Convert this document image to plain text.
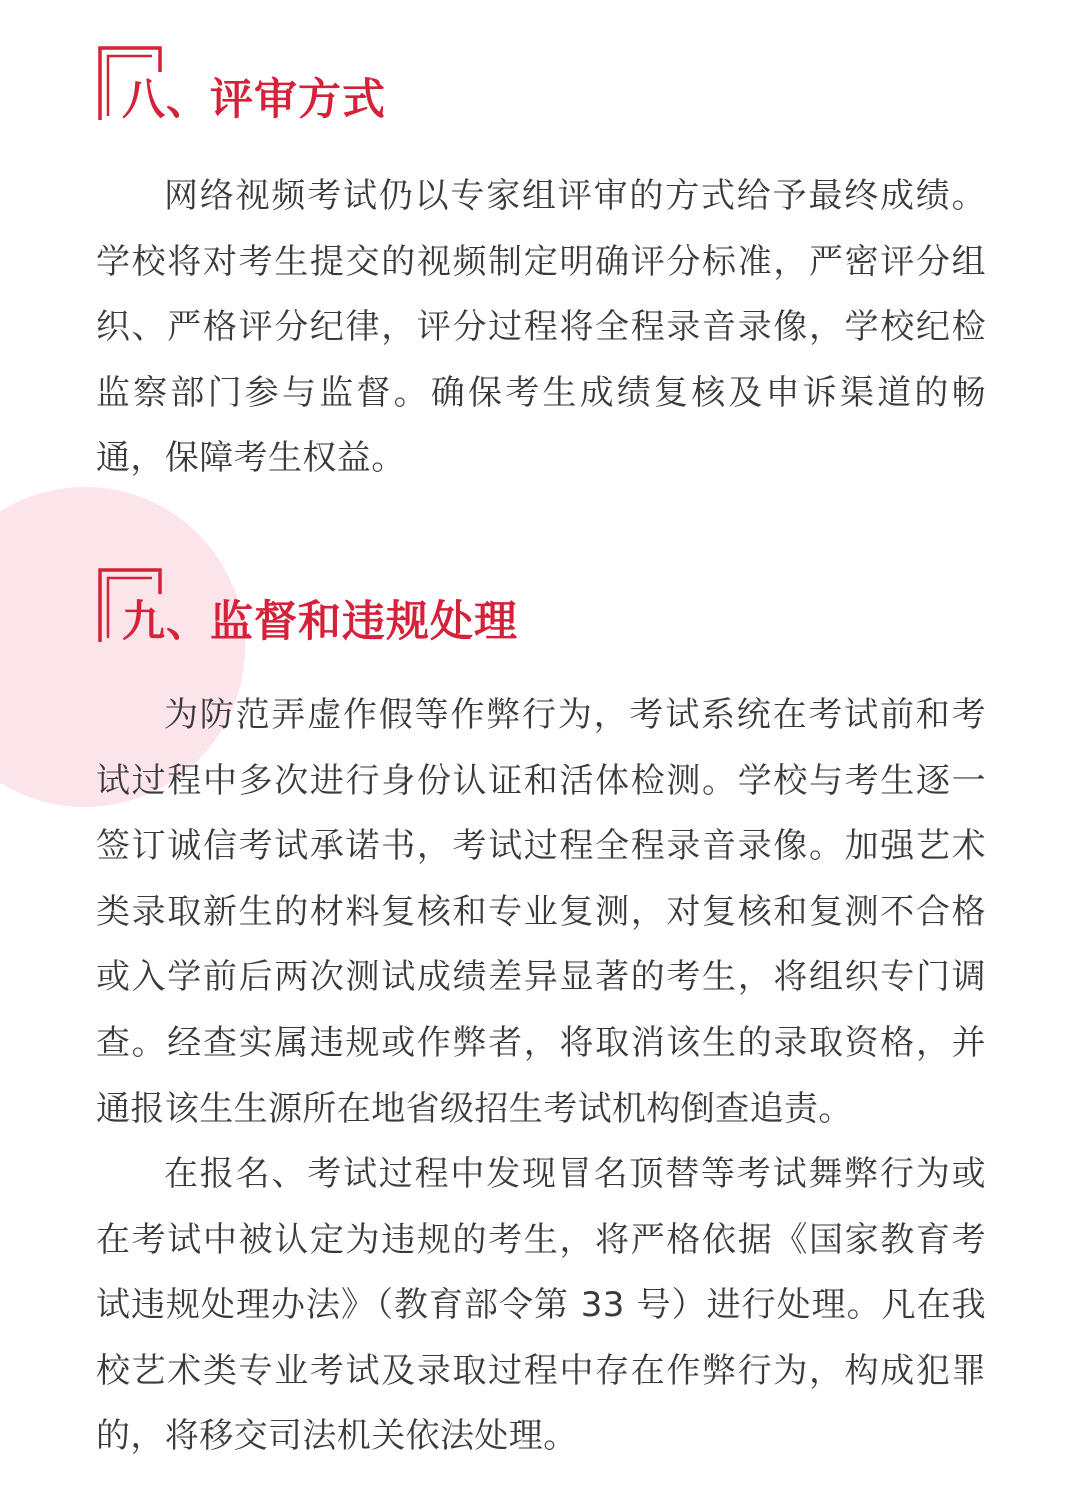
八、评审方式

网络视频考试仍以专家组评审的方式给予最终成绩。学校将对考生提交的视频制定明确评分标准，严密评分组织、严格评分纪律，评分过程将全程录音录像，学校纪检监察部门参与监督。确保考生成绩复核及申诉渠道的畅通，保障考生权益。

九、监督和违规处理

为防范弄虚作假等作弊行为，考试系统在考试前和考试过程中多次进行身份认证和活体检测。学校与考生逐一签订诚信考试承诺书，考试过程全程录音录像。加强艺术类录取新生的材料复核和专业复测，对复核和复测不合格或入学前后两次测试成绩差异显著的考生，将组织专门调查。经查实属违规或作弊者，将取消该生的录取资格，并通报该生生源所在地省级招生考试机构倒查追责。

在报名、考试过程中发现冒名顶替等考试舞弊行为或在考试中被认定为违规的考生，将严格依据《国家教育考试违规处理办法》（教育部令第 33 号）进行处理。凡在我校艺术类专业考试及录取过程中存在作弊行为，构成犯罪的，将移交司法机关依法处理。
